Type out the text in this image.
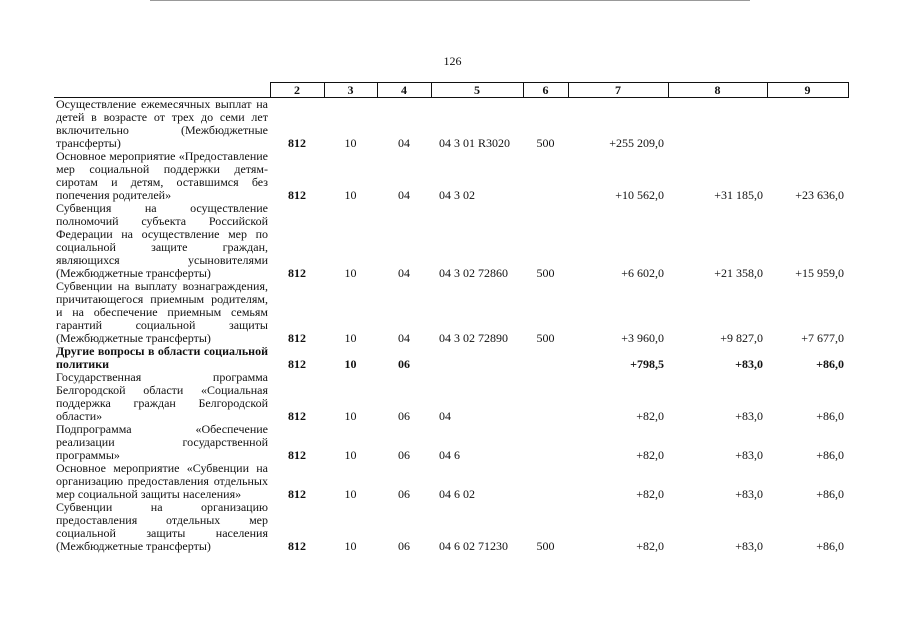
126
	2	3	4	5	6	7	8	9
Осуществление ежемесячных выплат на детей в возрасте от трех до семи лет включительно (Межбюджетные трансферты)	812	10	04	04 3 01 R3020	500	+255 209,0		
Основное мероприятие «Предоставление мер социальной поддержки детям-сиротам и детям, оставшимся без попечения родителей»	812	10	04	04 3 02		+10 562,0	+31 185,0	+23 636,0
Субвенция на осуществление полномочий субъекта Российской Федерации на осуществление мер по социальной защите граждан, являющихся усыновителями (Межбюджетные трансферты)	812	10	04	04 3 02 72860	500	+6 602,0	+21 358,0	+15 959,0
Субвенции на выплату вознаграждения, причитающегося приемным родителям, и на обеспечение приемным семьям гарантий социальной защиты (Межбюджетные трансферты)	812	10	04	04 3 02 72890	500	+3 960,0	+9 827,0	+7 677,0
Другие вопросы в области социальной политики	812	10	06			+798,5	+83,0	+86,0
Государственная программа Белгородской области «Социальная поддержка граждан Белгородской области»	812	10	06	04		+82,0	+83,0	+86,0
Подпрограмма «Обеспечение реализации государственной программы»	812	10	06	04 6		+82,0	+83,0	+86,0
Основное мероприятие «Субвенции на организацию предоставления отдельных мер социальной защиты населения»	812	10	06	04 6 02		+82,0	+83,0	+86,0
Субвенции на организацию предоставления отдельных мер социальной защиты населения (Межбюджетные трансферты)	812	10	06	04 6 02 71230	500	+82,0	+83,0	+86,0
